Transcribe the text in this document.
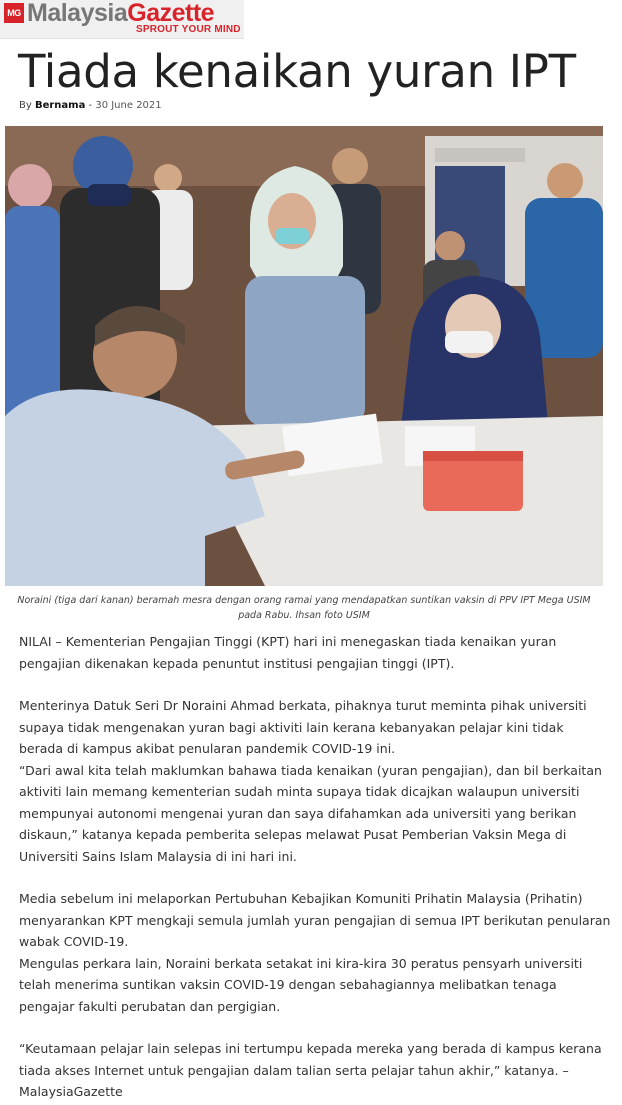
MG MalaysiaGazette
SPROUT YOUR MIND
Tiada kenaikan yuran IPT
By Bernama - 30 June 2021
Noraini (tiga dari kanan) beramah mesra dengan orang ramai yang mendapatkan suntikan vaksin di PPV IPT Mega USIM pada Rabu. Ihsan foto USIM

NILAI – Kementerian Pengajian Tinggi (KPT) hari ini menegaskan tiada kenaikan yuran pengajian dikenakan kepada penuntut institusi pengajian tinggi (IPT).

Menterinya Datuk Seri Dr Noraini Ahmad berkata, pihaknya turut meminta pihak universiti supaya tidak mengenakan yuran bagi aktiviti lain kerana kebanyakan pelajar kini tidak berada di kampus akibat penularan pandemik COVID-19 ini.

“Dari awal kita telah maklumkan bahawa tiada kenaikan (yuran pengajian), dan bil berkaitan aktiviti lain memang kementerian sudah minta supaya tidak dicajkan walaupun universiti mempunyai autonomi mengenai yuran dan saya difahamkan ada universiti yang berikan diskaun,” katanya kepada pemberita selepas melawat Pusat Pemberian Vaksin Mega di Universiti Sains Islam Malaysia di ini hari ini.

Media sebelum ini melaporkan Pertubuhan Kebajikan Komuniti Prihatin Malaysia (Prihatin) menyarankan KPT mengkaji semula jumlah yuran pengajian di semua IPT berikutan penularan wabak COVID-19.

Mengulas perkara lain, Noraini berkata setakat ini kira-kira 30 peratus pensyarh universiti telah menerima suntikan vaksin COVID-19 dengan sebahagiannya melibatkan tenaga pengajar fakulti perubatan dan pergigian.

“Keutamaan pelajar lain selepas ini tertumpu kepada mereka yang berada di kampus kerana tiada akses Internet untuk pengajian dalam talian serta pelajar tahun akhir,” katanya. – MalaysiaGazette
